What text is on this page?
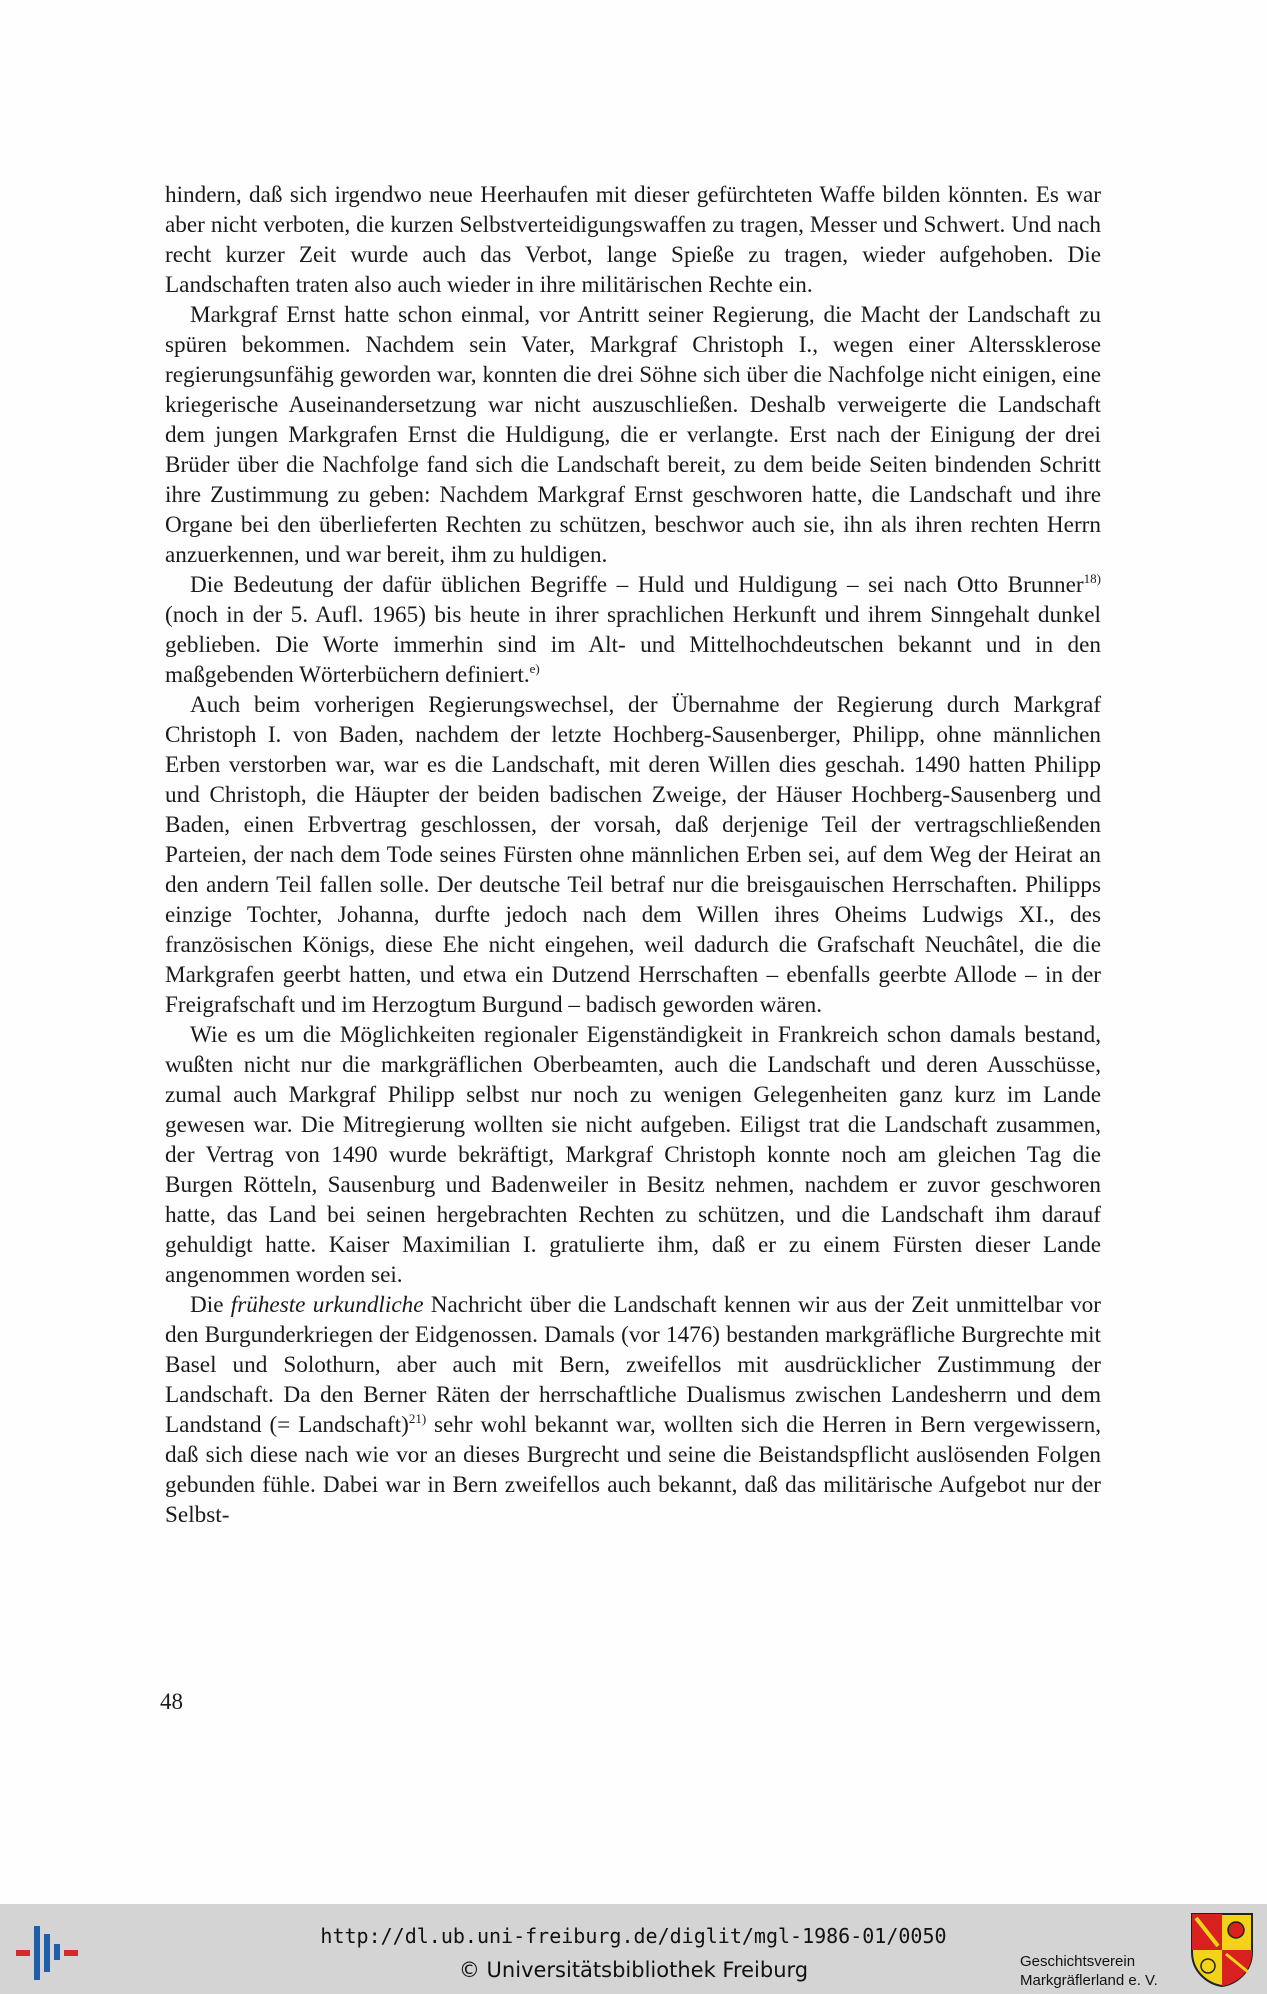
hindern, daß sich irgendwo neue Heerhaufen mit dieser gefürchteten Waffe bilden könnten. Es war aber nicht verboten, die kurzen Selbstverteidigungswaffen zu tragen, Messer und Schwert. Und nach recht kurzer Zeit wurde auch das Verbot, lange Spieße zu tragen, wieder aufgehoben. Die Landschaften traten also auch wieder in ihre militärischen Rechte ein.

Markgraf Ernst hatte schon einmal, vor Antritt seiner Regierung, die Macht der Landschaft zu spüren bekommen. Nachdem sein Vater, Markgraf Christoph I., wegen einer Alterssklerose regierungsunfähig geworden war, konnten die drei Söhne sich über die Nachfolge nicht einigen, eine kriegerische Auseinandersetzung war nicht auszuschließen. Deshalb verweigerte die Landschaft dem jungen Markgrafen Ernst die Huldigung, die er verlangte. Erst nach der Einigung der drei Brüder über die Nachfolge fand sich die Landschaft bereit, zu dem beide Seiten bindenden Schritt ihre Zustimmung zu geben: Nachdem Markgraf Ernst geschworen hatte, die Landschaft und ihre Organe bei den überlieferten Rechten zu schützen, beschwor auch sie, ihn als ihren rechten Herrn anzuerkennen, und war bereit, ihm zu huldigen.

Die Bedeutung der dafür üblichen Begriffe – Huld und Huldigung – sei nach Otto Brunner$^{18)}$ (noch in der 5. Aufl. 1965) bis heute in ihrer sprachlichen Herkunft und ihrem Sinngehalt dunkel geblieben. Die Worte immerhin sind im Alt- und Mittelhochdeutschen bekannt und in den maßgebenden Wörterbüchern definiert.$^{e)}$

Auch beim vorherigen Regierungswechsel, der Übernahme der Regierung durch Markgraf Christoph I. von Baden, nachdem der letzte Hochberg-Sausenberger, Philipp, ohne männlichen Erben verstorben war, war es die Landschaft, mit deren Willen dies geschah. 1490 hatten Philipp und Christoph, die Häupter der beiden badischen Zweige, der Häuser Hochberg-Sausenberg und Baden, einen Erbvertrag geschlossen, der vorsah, daß derjenige Teil der vertragschließenden Parteien, der nach dem Tode seines Fürsten ohne männlichen Erben sei, auf dem Weg der Heirat an den andern Teil fallen solle. Der deutsche Teil betraf nur die breisgauischen Herrschaften. Philipps einzige Tochter, Johanna, durfte jedoch nach dem Willen ihres Oheims Ludwigs XI., des französischen Königs, diese Ehe nicht eingehen, weil dadurch die Grafschaft Neuchâtel, die die Markgrafen geerbt hatten, und etwa ein Dutzend Herrschaften – ebenfalls geerbte Allode – in der Freigrafschaft und im Herzogtum Burgund – badisch geworden wären.

Wie es um die Möglichkeiten regionaler Eigenständigkeit in Frankreich schon damals bestand, wußten nicht nur die markgräflichen Oberbeamten, auch die Landschaft und deren Ausschüsse, zumal auch Markgraf Philipp selbst nur noch zu wenigen Gelegenheiten ganz kurz im Lande gewesen war. Die Mitregierung wollten sie nicht aufgeben. Eiligst trat die Landschaft zusammen, der Vertrag von 1490 wurde bekräftigt, Markgraf Christoph konnte noch am gleichen Tag die Burgen Rötteln, Sausenburg und Badenweiler in Besitz nehmen, nachdem er zuvor geschworen hatte, das Land bei seinen hergebrachten Rechten zu schützen, und die Landschaft ihm darauf gehuldigt hatte. Kaiser Maximilian I. gratulierte ihm, daß er zu einem Fürsten dieser Lande angenommen worden sei.

Die früheste urkundliche Nachricht über die Landschaft kennen wir aus der Zeit unmittelbar vor den Burgunderkriegen der Eidgenossen. Damals (vor 1476) bestanden markgräfliche Burgrechte mit Basel und Solothurn, aber auch mit Bern, zweifellos mit ausdrücklicher Zustimmung der Landschaft. Da den Berner Räten der herrschaftliche Dualismus zwischen Landesherrn und dem Landstand (= Landschaft)$^{21)}$ sehr wohl bekannt war, wollten sich die Herren in Bern vergewissern, daß sich diese nach wie vor an dieses Burgrecht und seine die Beistandspflicht auslösenden Folgen gebunden fühle. Dabei war in Bern zweifellos auch bekannt, daß das militärische Aufgebot nur der Selbst-

48
http://dl.ub.uni-freiburg.de/diglit/mgl-1986-01/0050
© Universitätsbibliothek Freiburg	Geschichtsverein
Markgräflerland e. V.
